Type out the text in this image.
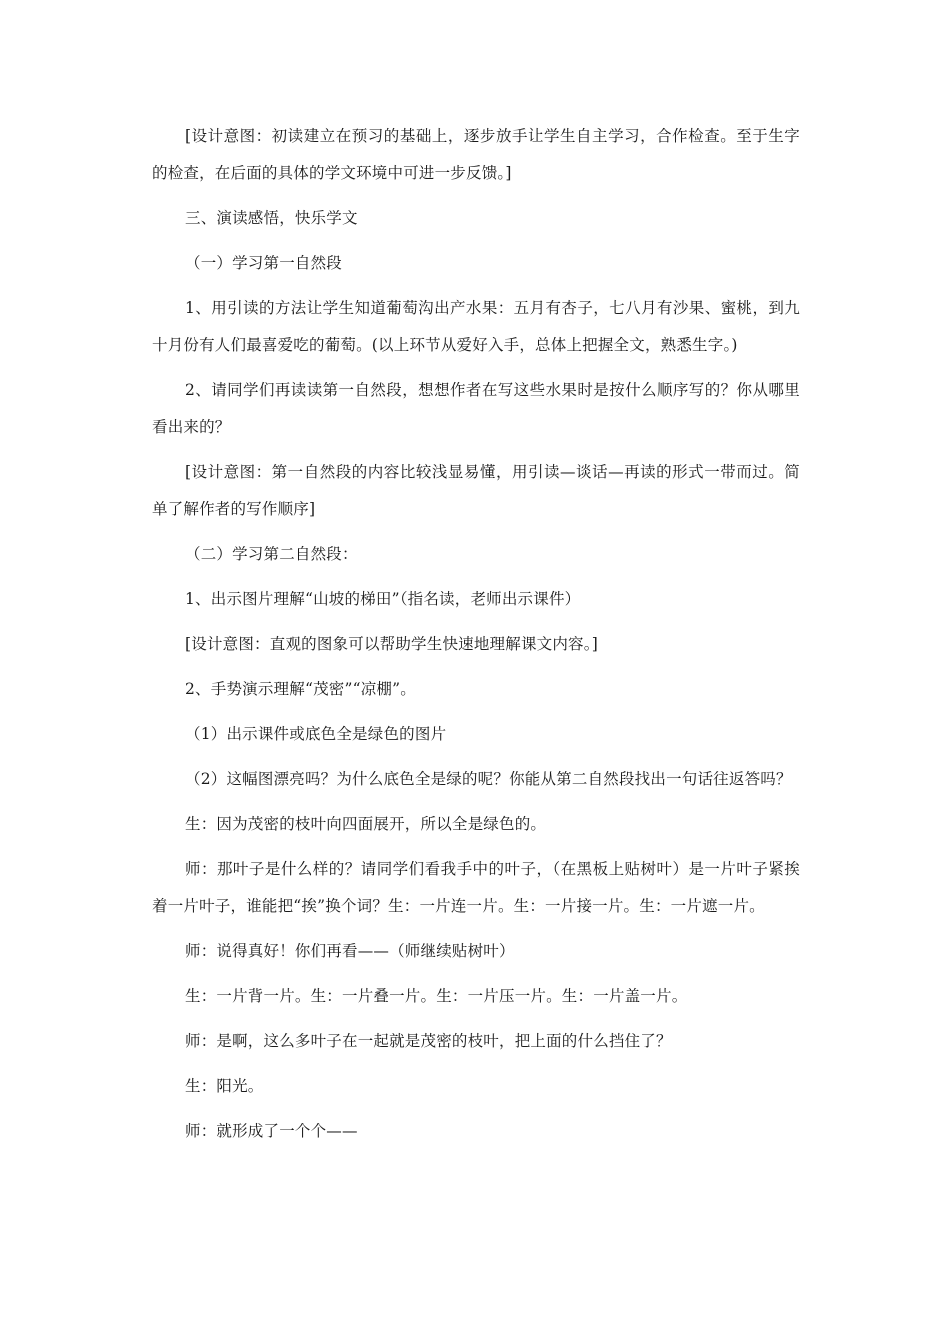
[设计意图：初读建立在预习的基础上，逐步放手让学生自主学习，合作检查。至于生字的检查，在后面的具体的学文环境中可进一步反馈。]

三、演读感悟，快乐学文

（一）学习第一自然段

1、用引读的方法让学生知道葡萄沟出产水果：五月有杏子，七八月有沙果、蜜桃，到九十月份有人们最喜爱吃的葡萄。(以上环节从爱好入手，总体上把握全文，熟悉生字。)

2、请同学们再读读第一自然段，想想作者在写这些水果时是按什么顺序写的？你从哪里看出来的？

[设计意图：第一自然段的内容比较浅显易懂，用引读—谈话—再读的形式一带而过。简单了解作者的写作顺序]

（二）学习第二自然段：

1、出示图片理解“山坡的梯田”（指名读，老师出示课件）

[设计意图：直观的图象可以帮助学生快速地理解课文内容。]

2、手势演示理解“茂密”“凉棚”。

（1）出示课件或底色全是绿色的图片

（2）这幅图漂亮吗？为什么底色全是绿的呢？你能从第二自然段找出一句话往返答吗？

生：因为茂密的枝叶向四面展开，所以全是绿色的。

师：那叶子是什么样的？请同学们看我手中的叶子，（在黑板上贴树叶）是一片叶子紧挨着一片叶子，谁能把“挨”换个词？生：一片连一片。生：一片接一片。生：一片遮一片。

师：说得真好！你们再看——（师继续贴树叶）

生：一片背一片。生：一片叠一片。生：一片压一片。生：一片盖一片。

师：是啊，这么多叶子在一起就是茂密的枝叶，把上面的什么挡住了？

生：阳光。

师：就形成了一个个——
